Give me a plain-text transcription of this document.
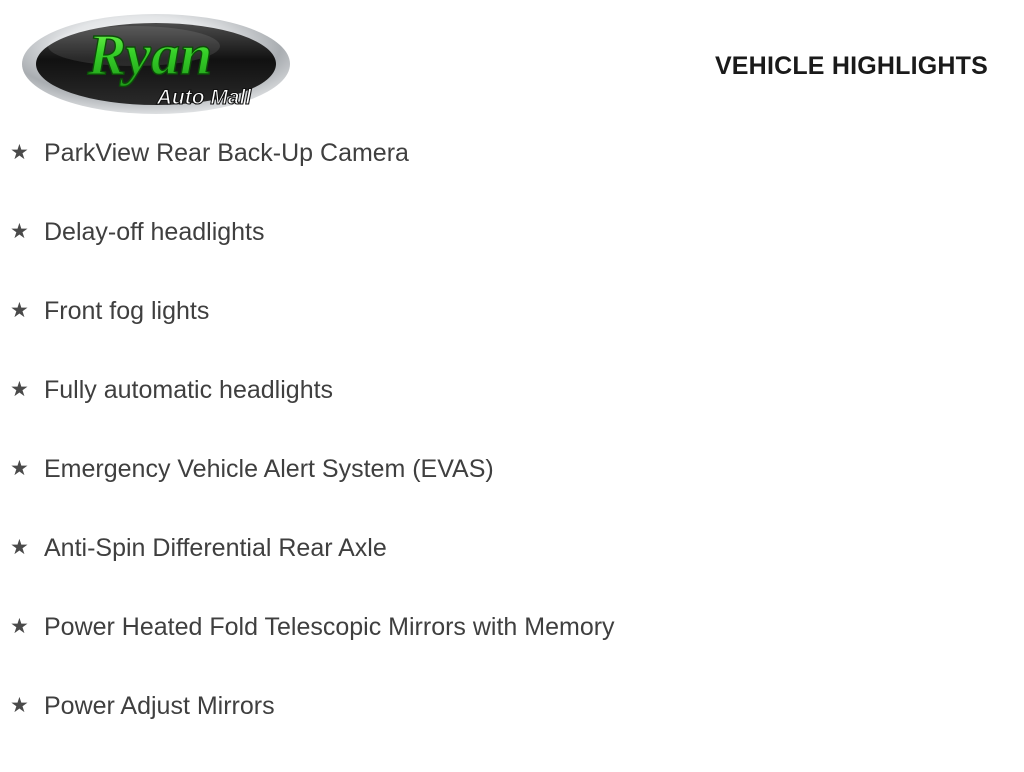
Ryan
Auto Mall
VEHICLE HIGHLIGHTS
★ ParkView Rear Back-Up Camera
★ Delay-off headlights
★ Front fog lights
★ Fully automatic headlights
★ Emergency Vehicle Alert System (EVAS)
★ Anti-Spin Differential Rear Axle
★ Power Heated Fold Telescopic Mirrors with Memory
★ Power Adjust Mirrors
